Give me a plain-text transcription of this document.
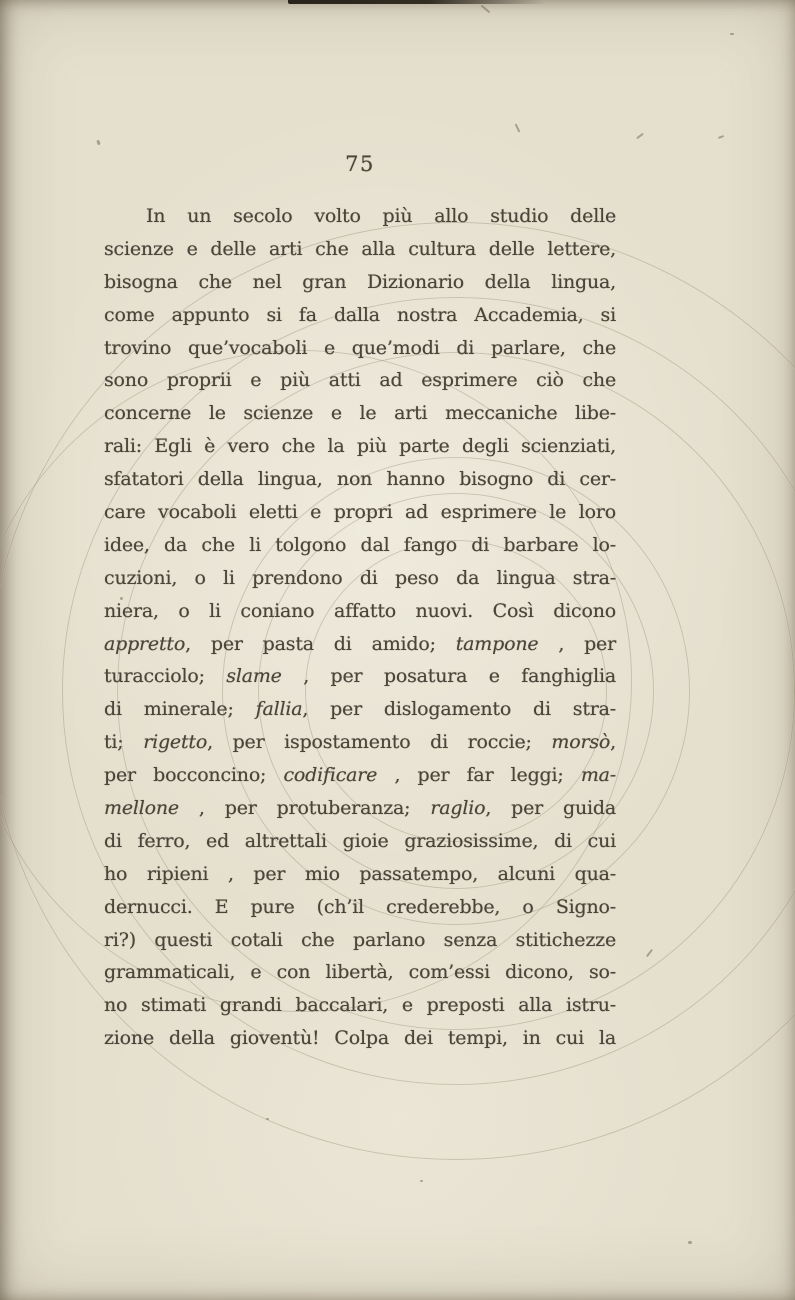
75
In un secolo volto più allo studio delle
scienze e delle arti che alla cultura delle lettere,
bisogna che nel gran Dizionario della lingua,
come appunto si fa dalla nostra Accademia, si
trovino que’vocaboli e que’modi di parlare, che
sono proprii e più atti ad esprimere ciò che
concerne le scienze e le arti meccaniche libe-
rali: Egli è vero che la più parte degli scienziati,
sfatatori della lingua, non hanno bisogno di cer-
care vocaboli eletti e propri ad esprimere le loro
idee, da che li tolgono dal fango di barbare lo-
cuzioni, o li prendono di peso da lingua stra-
niera, o li coniano affatto nuovi. Così dicono
appretto, per pasta di amido; tampone , per
turacciolo; slame , per posatura e fanghiglia
di minerale; fallia, per dislogamento di stra-
ti; rigetto, per ispostamento di roccie; morsò,
per bocconcino; codificare , per far leggi; ma-
mellone , per protuberanza; raglio, per guida
di ferro, ed altrettali gioie graziosissime, di cui
ho ripieni , per mio passatempo, alcuni qua-
dernucci. E pure (ch’il crederebbe, o Signo-
ri?) questi cotali che parlano senza stitichezze
grammaticali, e con libertà, com’essi dicono, so-
no stimati grandi baccalari, e preposti alla istru-
zione della gioventù! Colpa dei tempi, in cui la
